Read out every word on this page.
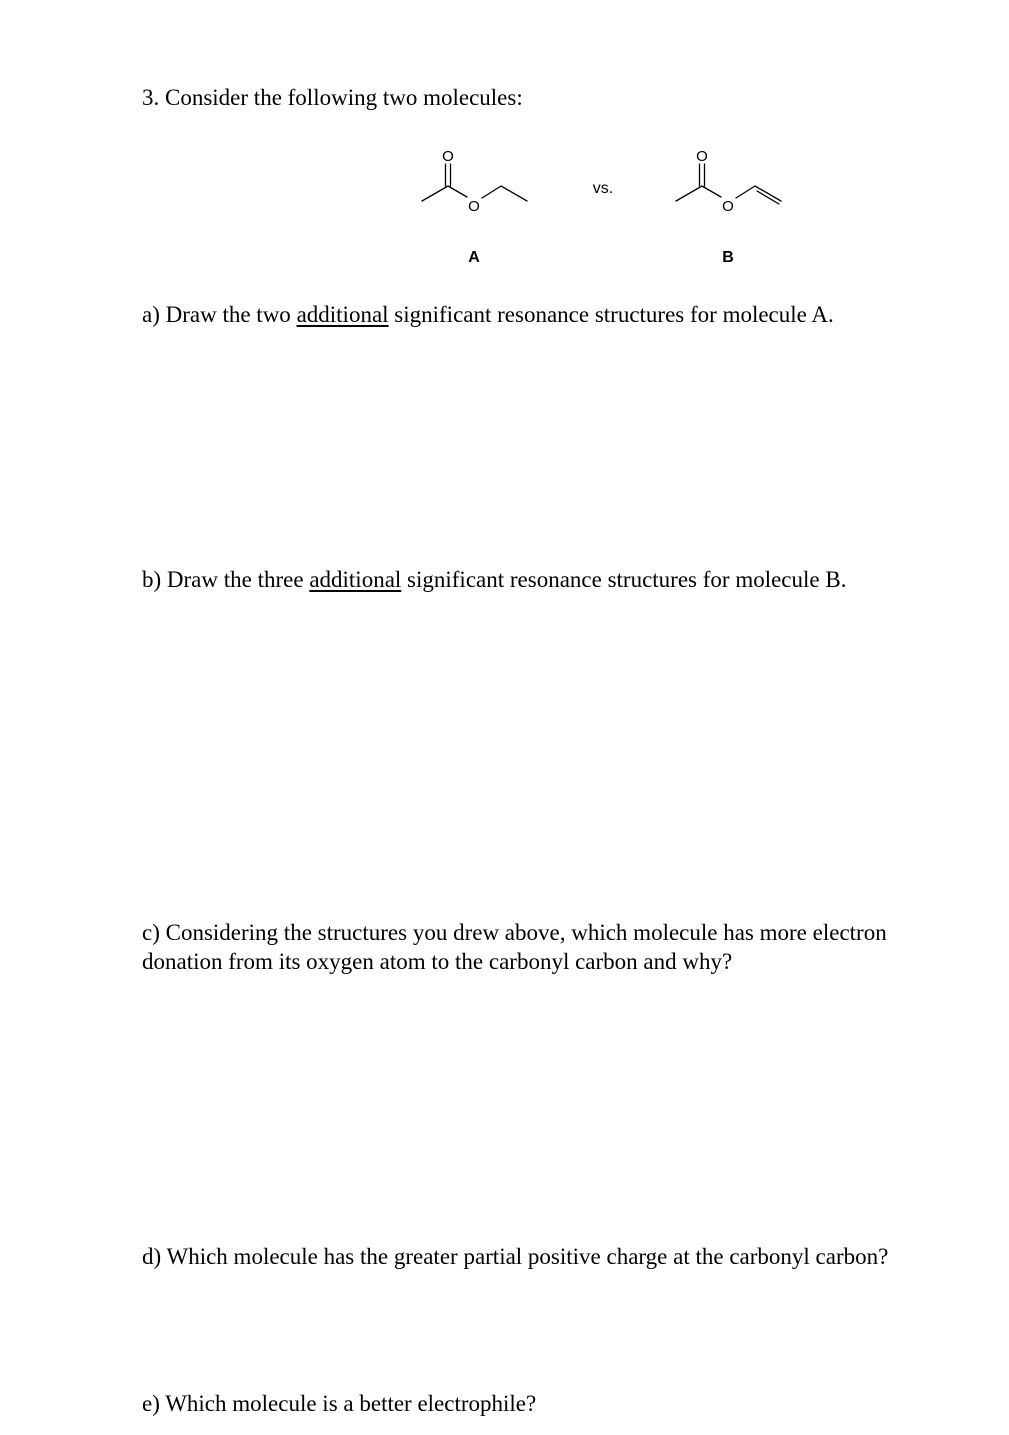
3. Consider the following two molecules:

O
O
vs.
O
O
A	B

a) Draw the two additional significant resonance structures for molecule A.

b) Draw the three additional significant resonance structures for molecule B.

c) Considering the structures you drew above, which molecule has more electron
donation from its oxygen atom to the carbonyl carbon and why?

d) Which molecule has the greater partial positive charge at the carbonyl carbon?

e) Which molecule is a better electrophile?
